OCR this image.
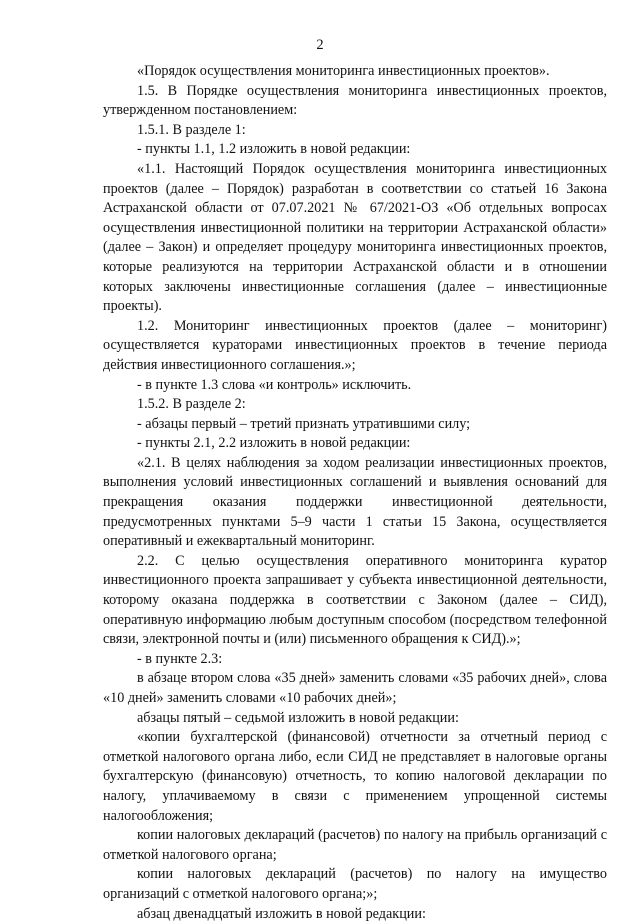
2

«Порядок осуществления мониторинга инвестиционных проектов».

1.5. В Порядке осуществления мониторинга инвестиционных проектов, утвержденном постановлением:

1.5.1. В разделе 1:

- пункты 1.1, 1.2 изложить в новой редакции:

«1.1. Настоящий Порядок осуществления мониторинга инвестиционных проектов (далее – Порядок) разработан в соответствии со статьей 16 Закона Астраханской области от 07.07.2021 № 67/2021-ОЗ «Об отдельных вопросах осуществления инвестиционной политики на территории Астраханской области» (далее – Закон) и определяет процедуру мониторинга инвестиционных проектов, которые реализуются на территории Астраханской области и в отношении которых заключены инвестиционные соглашения (далее – инвестиционные проекты).

1.2. Мониторинг инвестиционных проектов (далее – мониторинг) осуществляется кураторами инвестиционных проектов в течение периода действия инвестиционного соглашения.»;

- в пункте 1.3 слова «и контроль» исключить.

1.5.2. В разделе 2:

- абзацы первый – третий признать утратившими силу;

- пункты 2.1, 2.2 изложить в новой редакции:

«2.1. В целях наблюдения за ходом реализации инвестиционных проектов, выполнения условий инвестиционных соглашений и выявления оснований для прекращения оказания поддержки инвестиционной деятельности, предусмотренных пунктами 5–9 части 1 статьи 15 Закона, осуществляется оперативный и ежеквартальный мониторинг.

2.2. С целью осуществления оперативного мониторинга куратор инвестиционного проекта запрашивает у субъекта инвестиционной деятельности, которому оказана поддержка в соответствии с Законом (далее – СИД), оперативную информацию любым доступным способом (посредством телефонной связи, электронной почты и (или) письменного обращения к СИД).»;

- в пункте 2.3:

в абзаце втором слова «35 дней» заменить словами «35 рабочих дней», слова «10 дней» заменить словами «10 рабочих дней»;

абзацы пятый – седьмой изложить в новой редакции:

«копии бухгалтерской (финансовой) отчетности за отчетный период с отметкой налогового органа либо, если СИД не представляет в налоговые органы бухгалтерскую (финансовую) отчетность, то копию налоговой декларации по налогу, уплачиваемому в связи с применением упрощенной системы налогообложения;

копии налоговых деклараций (расчетов) по налогу на прибыль организаций с отметкой налогового органа;

копии налоговых деклараций (расчетов) по налогу на имущество организаций с отметкой налогового органа;»;

абзац двенадцатый изложить в новой редакции:
